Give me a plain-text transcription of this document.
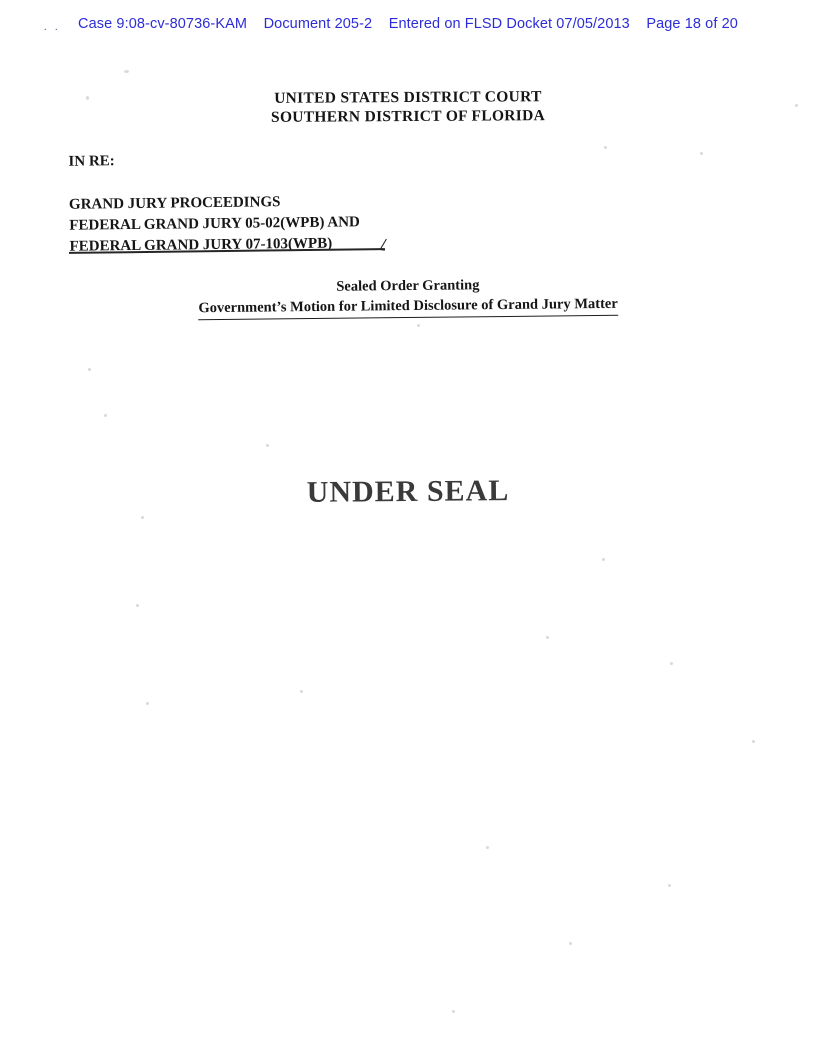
. .	Case 9:08-cv-80736-KAM Document 205-2 Entered on FLSD Docket 07/05/2013 Page 18 of 20
UNITED STATES DISTRICT COURT
SOUTHERN DISTRICT OF FLORIDA
IN RE:
GRAND JURY PROCEEDINGS
FEDERAL GRAND JURY 05-02(WPB) AND
FEDERAL GRAND JURY 07-103(WPB)	/
Sealed Order Granting
Government’s Motion for Limited Disclosure of Grand Jury Matter
UNDER SEAL
